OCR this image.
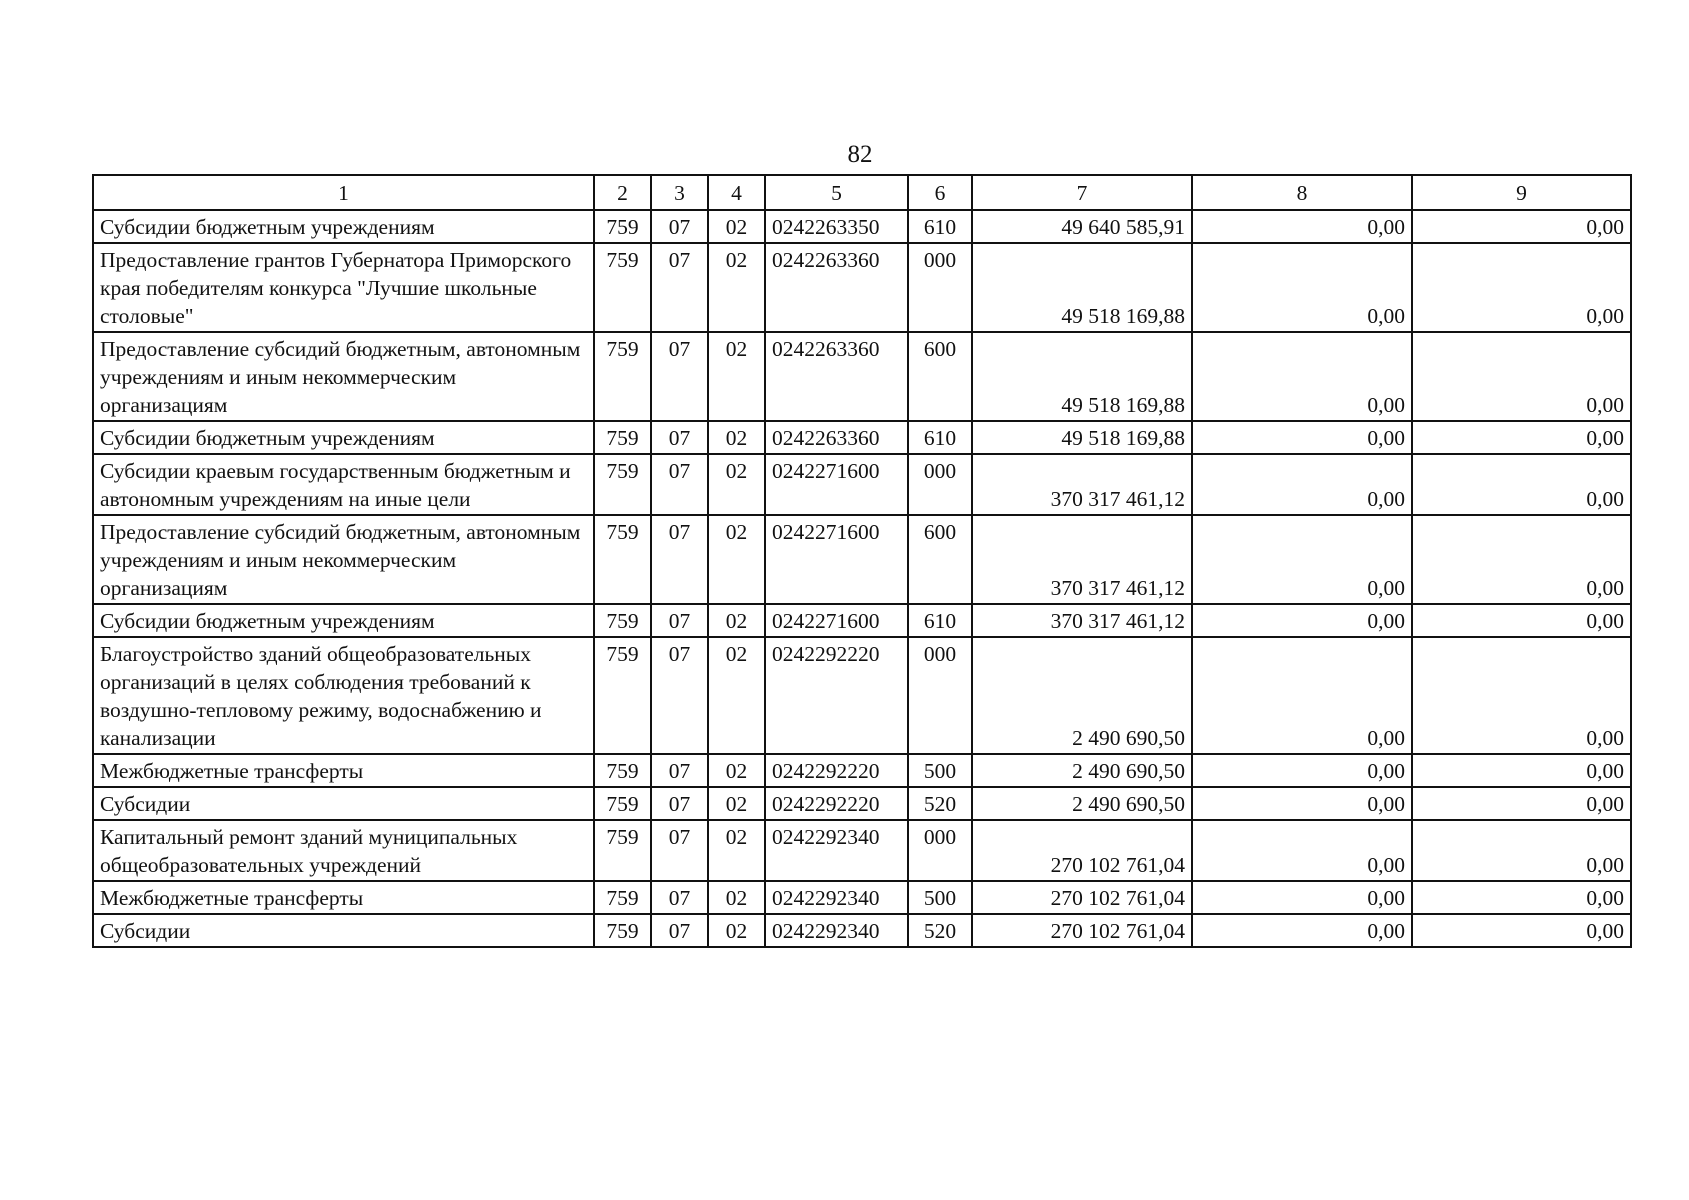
82
1	2	3	4	5	6	7	8	9
Субсидии бюджетным учреждениям	759	07	02	0242263350	610	49 640 585,91	0,00	0,00
Предоставление грантов Губернатора Приморского края победителям конкурса "Лучшие школьные столовые"	759	07	02	0242263360	000	49 518 169,88	0,00	0,00
Предоставление субсидий бюджетным, автономным учреждениям и иным некоммерческим организациям	759	07	02	0242263360	600	49 518 169,88	0,00	0,00
Субсидии бюджетным учреждениям	759	07	02	0242263360	610	49 518 169,88	0,00	0,00
Субсидии краевым государственным бюджетным и автономным учреждениям на иные цели	759	07	02	0242271600	000	370 317 461,12	0,00	0,00
Предоставление субсидий бюджетным, автономным учреждениям и иным некоммерческим организациям	759	07	02	0242271600	600	370 317 461,12	0,00	0,00
Субсидии бюджетным учреждениям	759	07	02	0242271600	610	370 317 461,12	0,00	0,00
Благоустройство зданий общеобразовательных организаций в целях соблюдения требований к воздушно-тепловому режиму, водоснабжению и канализации	759	07	02	0242292220	000	2 490 690,50	0,00	0,00
Межбюджетные трансферты	759	07	02	0242292220	500	2 490 690,50	0,00	0,00
Субсидии	759	07	02	0242292220	520	2 490 690,50	0,00	0,00
Капитальный ремонт зданий муниципальных общеобразовательных учреждений	759	07	02	0242292340	000	270 102 761,04	0,00	0,00
Межбюджетные трансферты	759	07	02	0242292340	500	270 102 761,04	0,00	0,00
Субсидии	759	07	02	0242292340	520	270 102 761,04	0,00	0,00
